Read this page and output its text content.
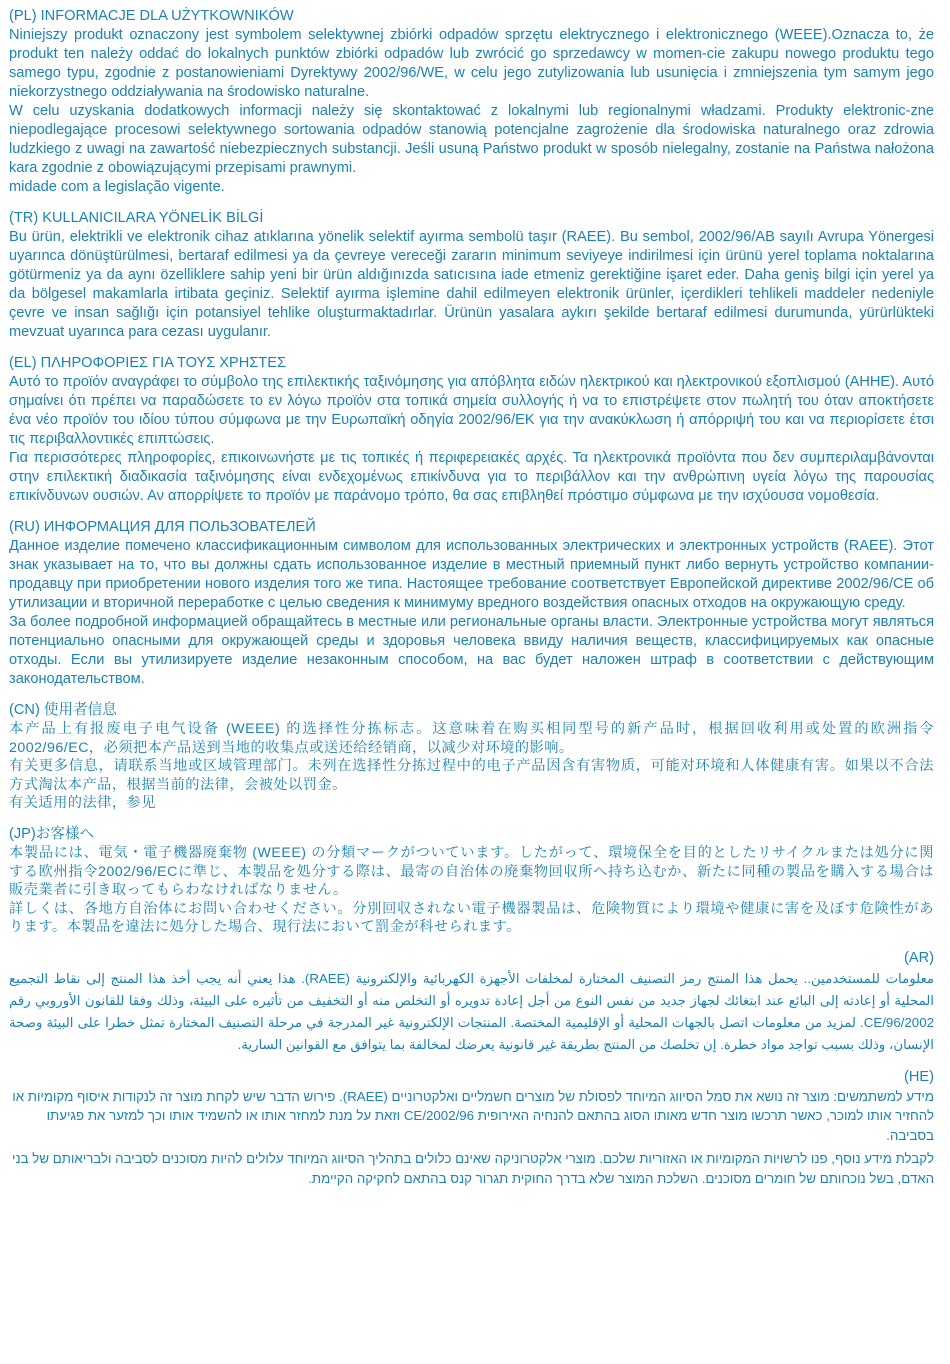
(PL) INFORMACJE DLA UŻYTKOWNIKÓW

Niniejszy produkt oznaczony jest symbolem selektywnej zbiórki odpadów sprzętu elektrycznego i elektronicznego (WEEE).Oznacza to, że produkt ten należy oddać do lokalnych punktów zbiórki odpadów lub zwrócić go sprzedawcy w momen-cie zakupu nowego produktu tego samego typu, zgodnie z postanowieniami Dyrektywy 2002/96/WE, w celu jego zutylizowania lub usunięcia i zmniejszenia tym samym jego niekorzystnego oddziaływania na środowisko naturalne.

W celu uzyskania dodatkowych informacji należy się skontaktować z lokalnymi lub regionalnymi władzami. Produkty elektronic-zne niepodlegające procesowi selektywnego sortowania odpadów stanowią potencjalne zagrożenie dla środowiska naturalnego oraz zdrowia ludzkiego z uwagi na zawartość niebezpiecznych substancji. Jeśli usuną Państwo produkt w sposób nielegalny, zostanie na Państwa nałożona kara zgodnie z obowiązującymi przepisami prawnymi.

midade com a legislação vigente.

(TR) KULLANICILARA YÖNELİK BİLGİ

Bu ürün, elektrikli ve elektronik cihaz atıklarına yönelik selektif ayırma sembolü taşır (RAEE). Bu sembol, 2002/96/AB sayılı Avrupa Yönergesi uyarınca dönüştürülmesi, bertaraf edilmesi ya da çevreye vereceği zararın minimum seviyeye indirilmesi için ürünü yerel toplama noktalarına götürmeniz ya da aynı özelliklere sahip yeni bir ürün aldığınızda satıcısına iade etmeniz gerektiğine işaret eder. Daha geniş bilgi için yerel ya da bölgesel makamlarla irtibata geçiniz. Selektif ayırma işlemine dahil edilmeyen elektronik ürünler, içerdikleri tehlikeli maddeler nedeniyle çevre ve insan sağlığı için potansiyel tehlike oluşturmaktadırlar. Ürünün yasalara aykırı şekilde bertaraf edilmesi durumunda, yürürlükteki mevzuat uyarınca para cezası uygulanır.

(EL) ΠΛΗΡΟΦΟΡΙΕΣ ΓΙΑ ΤΟΥΣ ΧΡΗΣΤΕΣ

Αυτό το προϊόν αναγράφει το σύμβολο της επιλεκτικής ταξινόμησης για απόβλητα ειδών ηλεκτρικού και ηλεκτρονικού εξοπλισμού (ΑΗΗΕ). Αυτό σημαίνει ότι πρέπει να παραδώσετε το εν λόγω προϊόν στα τοπικά σημεία συλλογής ή να το επιστρέψετε στον πωλητή του όταν αποκτήσετε ένα νέο προϊόν του ιδίου τύπου σύμφωνα με την Ευρωπαϊκή οδηγία 2002/96/ΕΚ για την ανακύκλωση ή απόρριψή του και να περιορίσετε έτσι τις περιβαλλοντικές επιπτώσεις.

Για περισσότερες πληροφορίες, επικοινωνήστε με τις τοπικές ή περιφερειακές αρχές. Τα ηλεκτρονικά προϊόντα που δεν συμπεριλαμβάνονται στην επιλεκτική διαδικασία ταξινόμησης είναι ενδεχομένως επικίνδυνα για το περιβάλλον και την ανθρώπινη υγεία λόγω της παρουσίας επικίνδυνων ουσιών. Αν απορρίψετε το προϊόν με παράνομο τρόπο, θα σας επιβληθεί πρόστιμο σύμφωνα με την ισχύουσα νομοθεσία.

(RU) ИНФОРМАЦИЯ ДЛЯ ПОЛЬЗОВАТЕЛЕЙ

Данное изделие помечено классификационным символом для использованных электрических и электронных устройств (RAEE). Этот знак указывает на то, что вы должны сдать использованное изделие в местный приемный пункт либо вернуть устройство компании- продавцу при приобретении нового изделия того же типа. Настоящее требование соответствует Европейской директиве 2002/96/СЕ об утилизации и вторичной переработке с целью сведения к минимуму вредного воздействия опасных отходов на окружающую среду.

За более подробной информацией обращайтесь в местные или региональные органы власти. Электронные устройства могут являться потенциально опасными для окружающей среды и здоровья человека ввиду наличия веществ, классифицируемых как опасные отходы. Если вы утилизируете изделие незаконным способом, на вас будет наложен штраф в соответствии с действующим законодательством.

(CN) 使用者信息

本产品上有报废电子电气设备 (WEEE) 的选择性分拣标志。这意味着在购买相同型号的新产品时，根据回收利用或处置的欧洲指令 2002/96/EC，必须把本产品送到当地的收集点或送还给经销商，以减少对环境的影响。

有关更多信息，请联系当地或区域管理部门。未列在选择性分拣过程中的电子产品因含有害物质，可能对环境和人体健康有害。如果以不合法方式淘汰本产品，根据当前的法律，会被处以罚金。

有关适用的法律，参见

(JP)お客様へ

本製品には、電気・電子機器廃棄物 (WEEE) の分類マークがついています。したがって、環境保全を目的としたリサイクルまたは処分に関する欧州指令2002/96/ECに準じ、本製品を処分する際は、最寄の自治体の廃棄物回収所へ持ち込むか、新たに同種の製品を購入する場合は販売業者に引き取ってもらわなければなりません。

詳しくは、各地方自治体にお問い合わせください。分別回収されない電子機器製品は、危険物質により環境や健康に害を及ぼす危険性があります。本製品を違法に処分した場合、現行法において罰金が科せられます。

(AR)

معلومات للمستخدمين.. يحمل هذا المنتج رمز التصنيف المختارة لمخلفات الأجهزة الكهربائية والإلكترونية (RAEE). هذا يعني أنه يجب أخذ هذا المنتج إلى نقاط التجميع المحلية أو إعادته إلى البائع عند ابتغائك لجهاز جديد من نفس النوع من أجل إعادة تدويره أو التخلص منه أو التخفيف من تأثيره على البيئة، وذلك وفقا للقانون الأوروبي رقم CE/96/2002. لمزيد من معلومات اتصل بالجهات المحلية أو الإقليمية المختصة. المنتجات الإلكترونية غير المدرجة في مرحلة التصنيف المختارة تمثل خطرا على البيئة وصحة الإنسان، وذلك بسبب تواجد مواد خطرة. إن تخلصك من المنتج بطريقة غير قانونية يعرضك لمخالفة بما يتوافق مع القوانين السارية.

(HE)

מידע למשתמשים: מוצר זה נושא את סמל הסיווג המיוחד לפסולת של מוצרים חשמליים ואלקטרוניים (RAEE). פירוש הדבר שיש לקחת מוצר זה לנקודות איסוף מקומיות או להחזיר אותו למוכר, כאשר תרכשו מוצר חדש מאותו הסוג בהתאם להנחיה האירופית 2002/96/CE וזאת על מנת למחזר אותו או להשמיד אותו וכך למזער את פגיעתו בסביבה.

לקבלת מידע נוסף, פנו לרשויות המקומיות או האזוריות שלכם. מוצרי אלקטרוניקה שאינם כלולים בתהליך הסיווג המיוחד עלולים להיות מסוכנים לסביבה ולבריאותם של בני האדם, בשל נוכחותם של חומרים מסוכנים. השלכת המוצר שלא בדרך החוקית תגרור קנס בהתאם לחקיקה הקיימת.
